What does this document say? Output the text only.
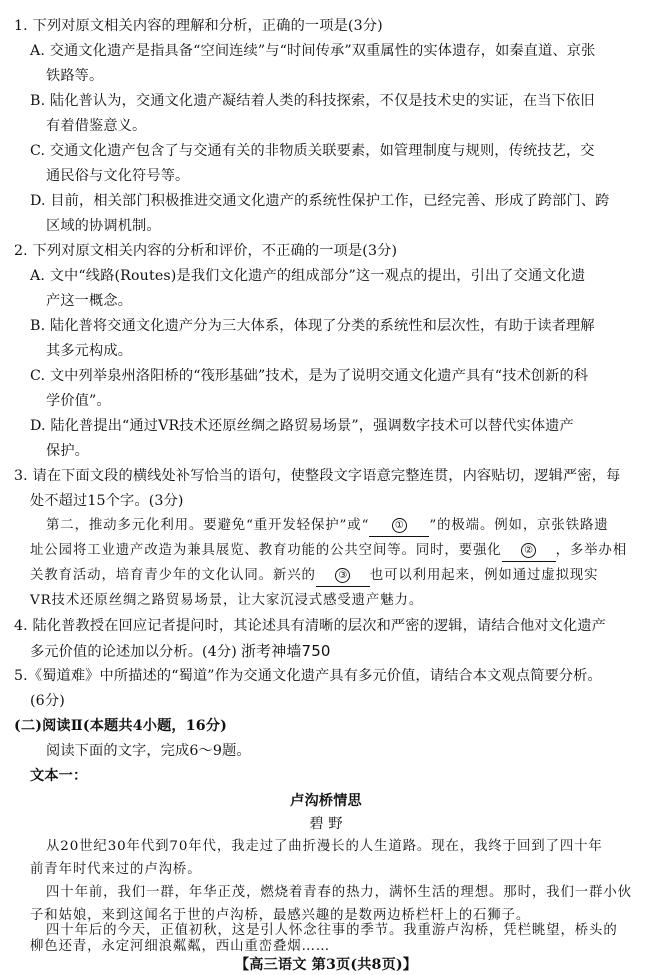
1. 下列对原文相关内容的理解和分析，正确的一项是(3分)
A. 交通文化遗产是指具备“空间连续”与“时间传承”双重属性的实体遗存，如秦直道、京张
铁路等。
B. 陆化普认为，交通文化遗产凝结着人类的科技探索，不仅是技术史的实证，在当下依旧
有着借鉴意义。
C. 交通文化遗产包含了与交通有关的非物质关联要素，如管理制度与规则，传统技艺，交
通民俗与文化符号等。
D. 目前，相关部门积极推进交通文化遗产的系统性保护工作，已经完善、形成了跨部门、跨
区域的协调机制。
2. 下列对原文相关内容的分析和评价，不正确的一项是(3分)
A. 文中“线路(Routes)是我们文化遗产的组成部分”这一观点的提出，引出了交通文化遗
产这一概念。
B. 陆化普将交通文化遗产分为三大体系，体现了分类的系统性和层次性，有助于读者理解
其多元构成。
C. 文中列举泉州洛阳桥的“筏形基础”技术，是为了说明交通文化遗产具有“技术创新的科
学价值”。
D. 陆化普提出“通过VR技术还原丝绸之路贸易场景”，强调数字技术可以替代实体遗产
保护。
3. 请在下面文段的横线处补写恰当的语句，使整段文字语意完整连贯，内容贴切，逻辑严密，每
处不超过15个字。(3分)
第二，推动多元化利用。要避免“重开发轻保护”或“	① ”的极端。例如，京张铁路遗
址公园将工业遗产改造为兼具展览、教育功能的公共空间等。同时，要强化 ② ，多举办相
关教育活动，培育青少年的文化认同。新兴的 ③ 也可以利用起来，例如通过虚拟现实
VR技术还原丝绸之路贸易场景，让大家沉浸式感受遗产魅力。
4. 陆化普教授在回应记者提问时，其论述具有清晰的层次和严密的逻辑，请结合他对文化遗产
多元价值的论述加以分析。(4分) 浙考神墙750
5.《蜀道难》中所描述的“蜀道”作为交通文化遗产具有多元价值，请结合本文观点简要分析。
(6分)
(二)阅读Ⅱ(本题共4小题，16分)
阅读下面的文字，完成6～9题。
文本一：
卢沟桥情思
碧 野
从20世纪30年代到70年代，我走过了曲折漫长的人生道路。现在，我终于回到了四十年
前青年时代来过的卢沟桥。
四十年前，我们一群，年华正茂，燃烧着青春的热力，满怀生活的理想。那时，我们一群小伙
子和姑娘，来到这闻名于世的卢沟桥，最感兴趣的是数两边桥栏杆上的石狮子。
四十年后的今天，正值初秋，这是引人怀念往事的季节。我重游卢沟桥，凭栏眺望，桥头的
【高三语文 第3页(共8页)】
柳色还青，永定河细浪粼粼，西山重峦叠烟……
